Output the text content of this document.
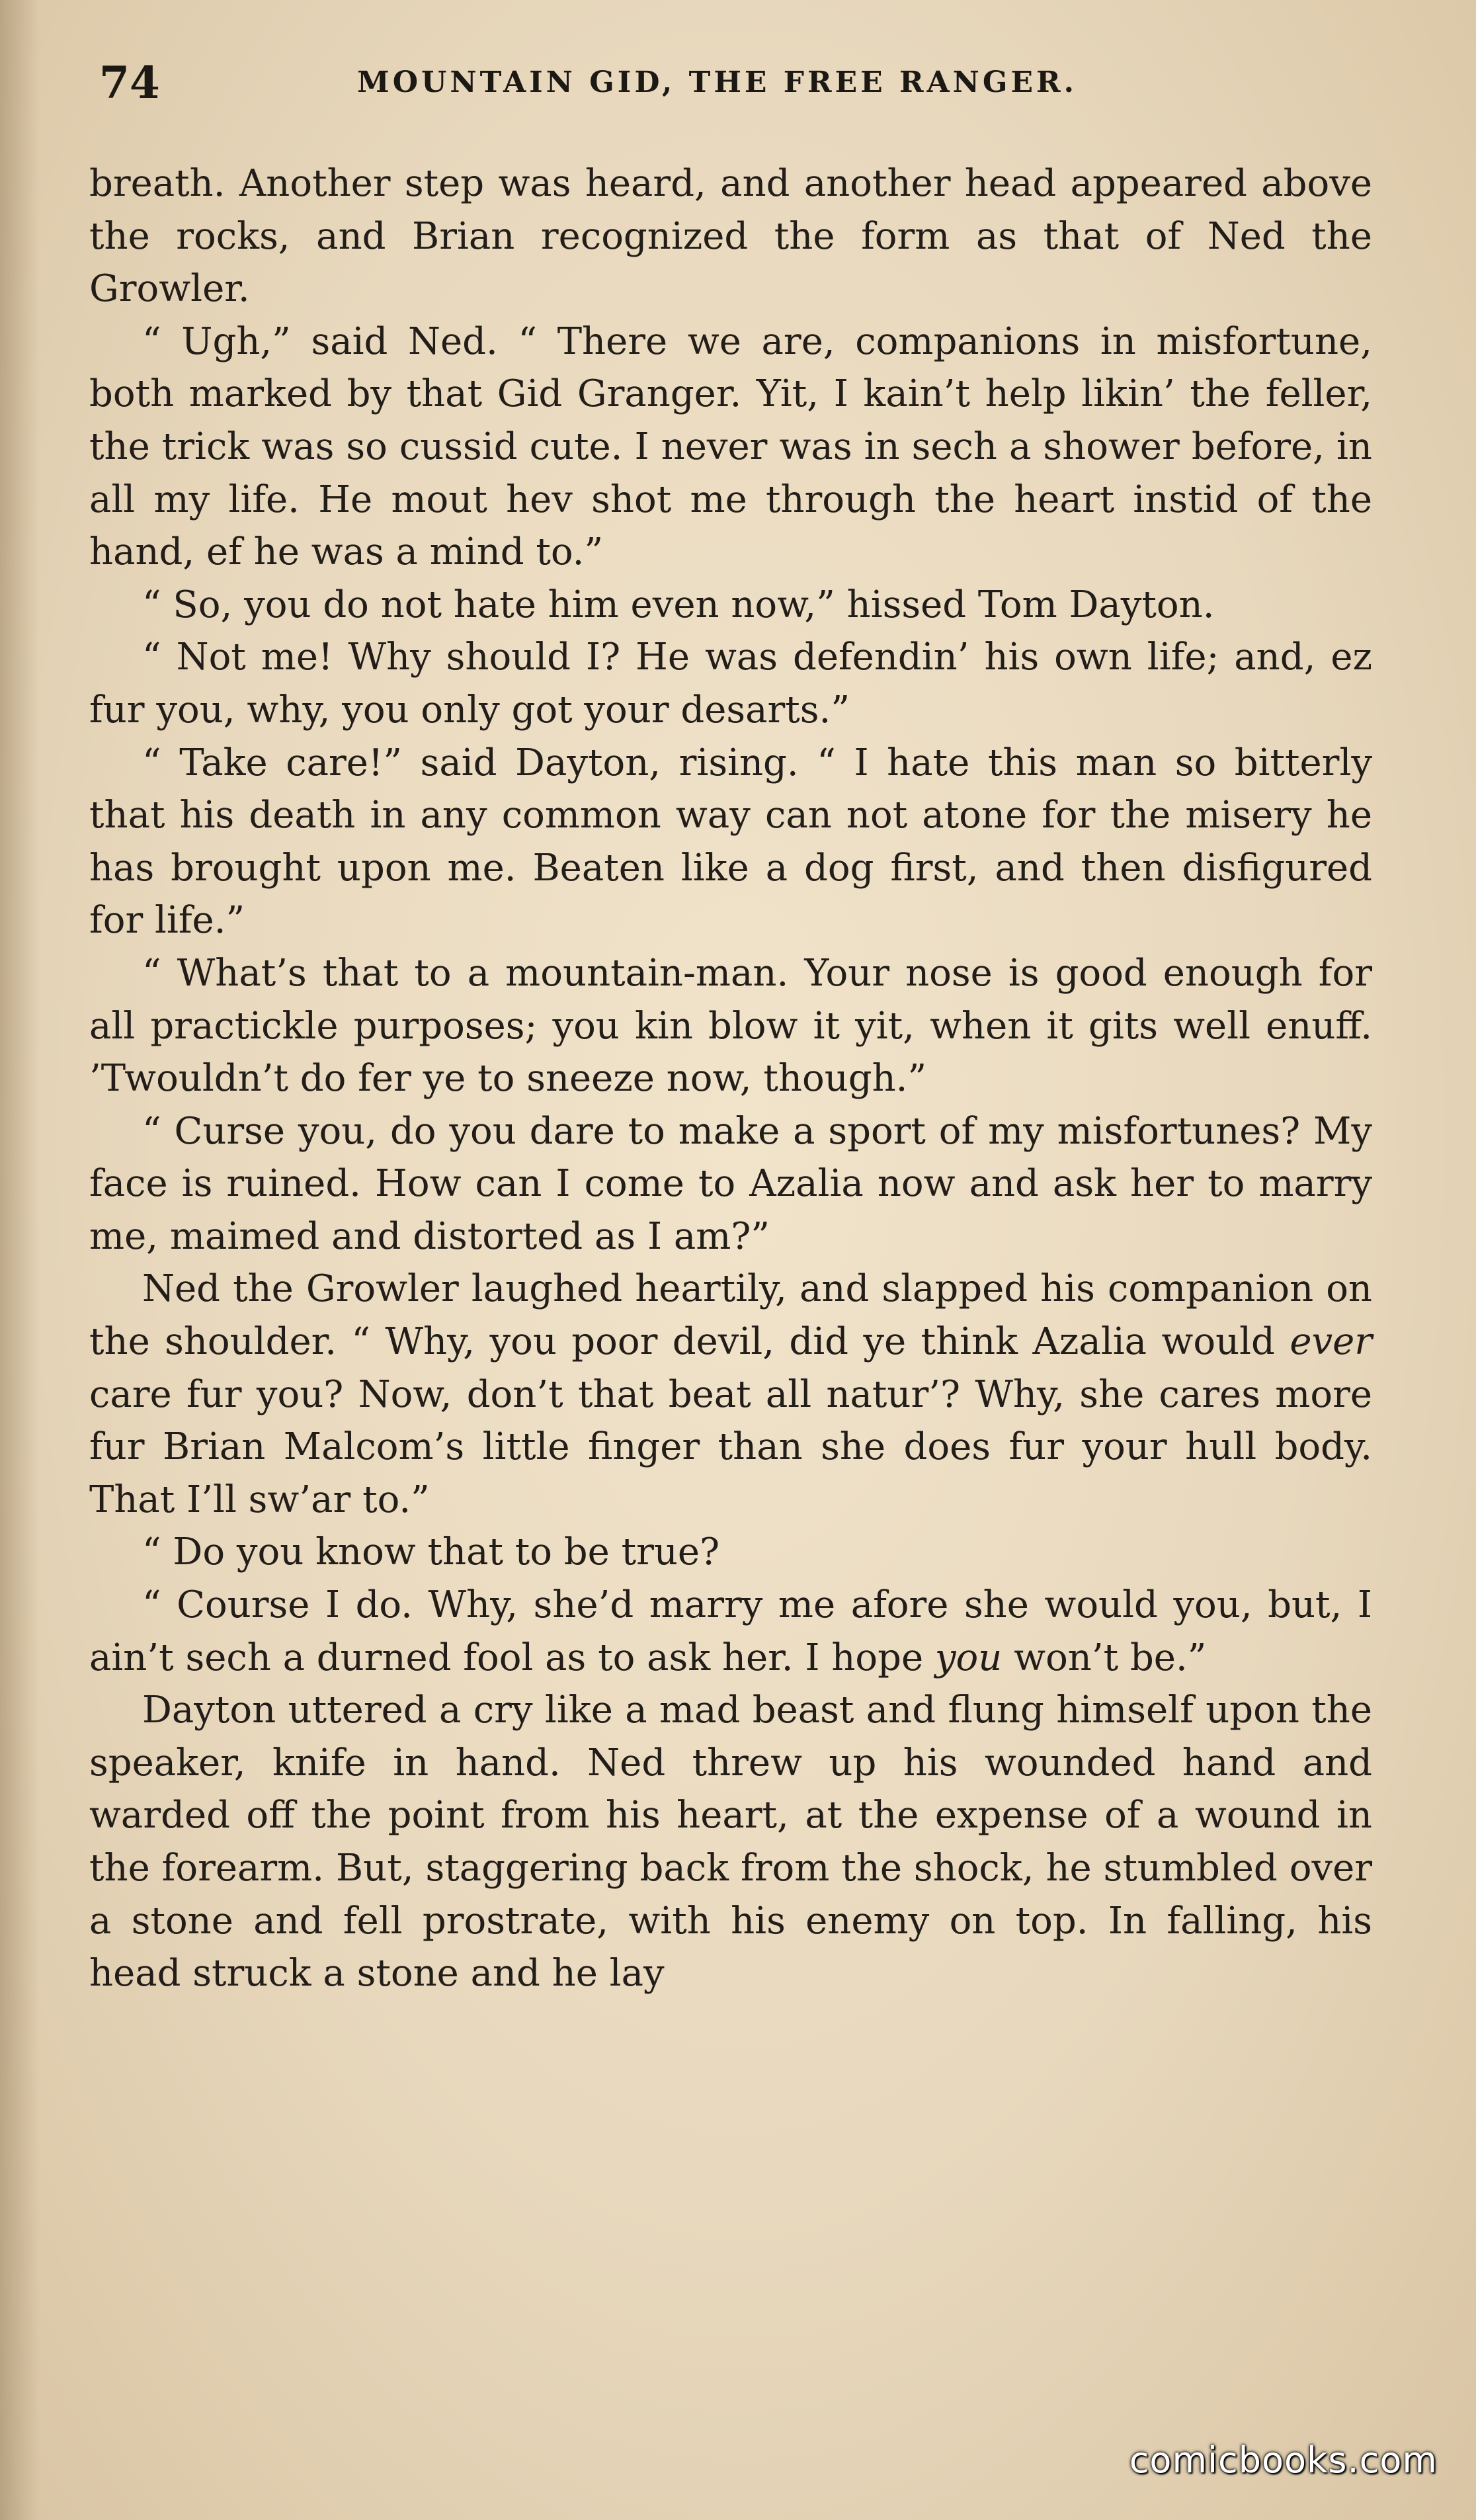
74	MOUNTAIN GID, THE FREE RANGER.

breath. Another step was heard, and another head appeared above the rocks, and Brian recognized the form as that of Ned the Growler.

“ Ugh,” said Ned. “ There we are, companions in misfortune, both marked by that Gid Granger. Yit, I kain’t help likin’ the feller, the trick was so cussid cute. I never was in sech a shower before, in all my life. He mout hev shot me through the heart instid of the hand, ef he was a mind to.”

“ So, you do not hate him even now,” hissed Tom Dayton.

“ Not me! Why should I? He was defendin’ his own life; and, ez fur you, why, you only got your desarts.”

“ Take care!” said Dayton, rising. “ I hate this man so bitterly that his death in any common way can not atone for the misery he has brought upon me. Beaten like a dog first, and then disfigured for life.”

“ What’s that to a mountain-man. Your nose is good enough for all practickle purposes; you kin blow it yit, when it gits well enuff. ’Twouldn’t do fer ye to sneeze now, though.”

“ Curse you, do you dare to make a sport of my misfortunes? My face is ruined. How can I come to Azalia now and ask her to marry me, maimed and distorted as I am?”

Ned the Growler laughed heartily, and slapped his companion on the shoulder. “ Why, you poor devil, did ye think Azalia would ever care fur you? Now, don’t that beat all natur’? Why, she cares more fur Brian Malcom’s little finger than she does fur your hull body. That I’ll sw’ar to.”

“ Do you know that to be true?

“ Course I do. Why, she’d marry me afore she would you, but, I ain’t sech a durned fool as to ask her. I hope you won’t be.”

Dayton uttered a cry like a mad beast and flung himself upon the speaker, knife in hand. Ned threw up his wounded hand and warded off the point from his heart, at the expense of a wound in the forearm. But, staggering back from the shock, he stumbled over a stone and fell prostrate, with his enemy on top. In falling, his head struck a stone and he lay

comicbooks.com
